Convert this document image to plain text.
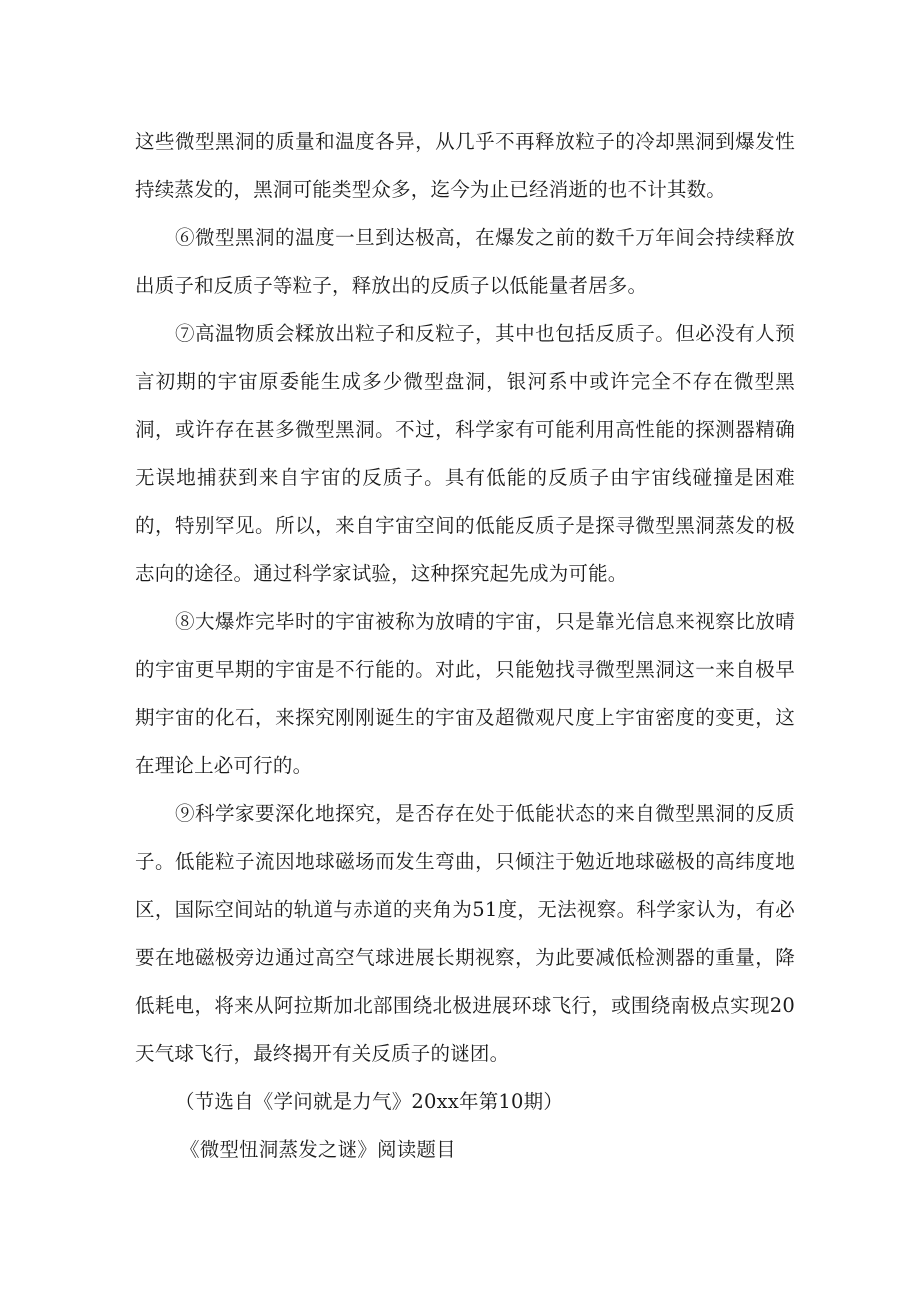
这些微型黑洞的质量和温度各异，从几乎不再释放粒子的冷却黑洞到爆发性持续蒸发的，黑洞可能类型众多，迄今为止已经消逝的也不计其数。

⑥微型黑洞的温度一旦到达极高，在爆发之前的数千万年间会持续释放出质子和反质子等粒子，释放出的反质子以低能量者居多。

⑦高温物质会糅放出粒子和反粒子，其中也包括反质子。但必没有人预言初期的宇宙原委能生成多少微型盘洞，银河系中或许完全不存在微型黑洞，或许存在甚多微型黑洞。不过，科学家有可能利用高性能的探测器精确无误地捕获到来自宇宙的反质子。具有低能的反质子由宇宙线碰撞是困难的，特别罕见。所以，来自宇宙空间的低能反质子是探寻微型黑洞蒸发的极志向的途径。通过科学家试验，这种探究起先成为可能。

⑧大爆炸完毕时的宇宙被称为放晴的宇宙，只是靠光信息来视察比放晴的宇宙更早期的宇宙是不行能的。对此，只能勉找寻微型黑洞这一来自极早期宇宙的化石，来探究刚刚诞生的宇宙及超微观尺度上宇宙密度的变更，这在理论上必可行的。

⑨科学家要深化地探究，是否存在处于低能状态的来自微型黑洞的反质子。低能粒子流因地球磁场而发生弯曲，只倾注于勉近地球磁极的高纬度地区，国际空间站的轨道与赤道的夹角为51度，无法视察。科学家认为，有必要在地磁极旁边通过高空气球进展长期视察，为此要减低检测器的重量，降低耗电，将来从阿拉斯加北部围绕北极进展环球飞行，或围绕南极点实现20天气球飞行，最终揭开有关反质子的谜团。

（节选自《学问就是力气》20xx年第10期）

《微型忸洞蒸发之谜》阅读题目
